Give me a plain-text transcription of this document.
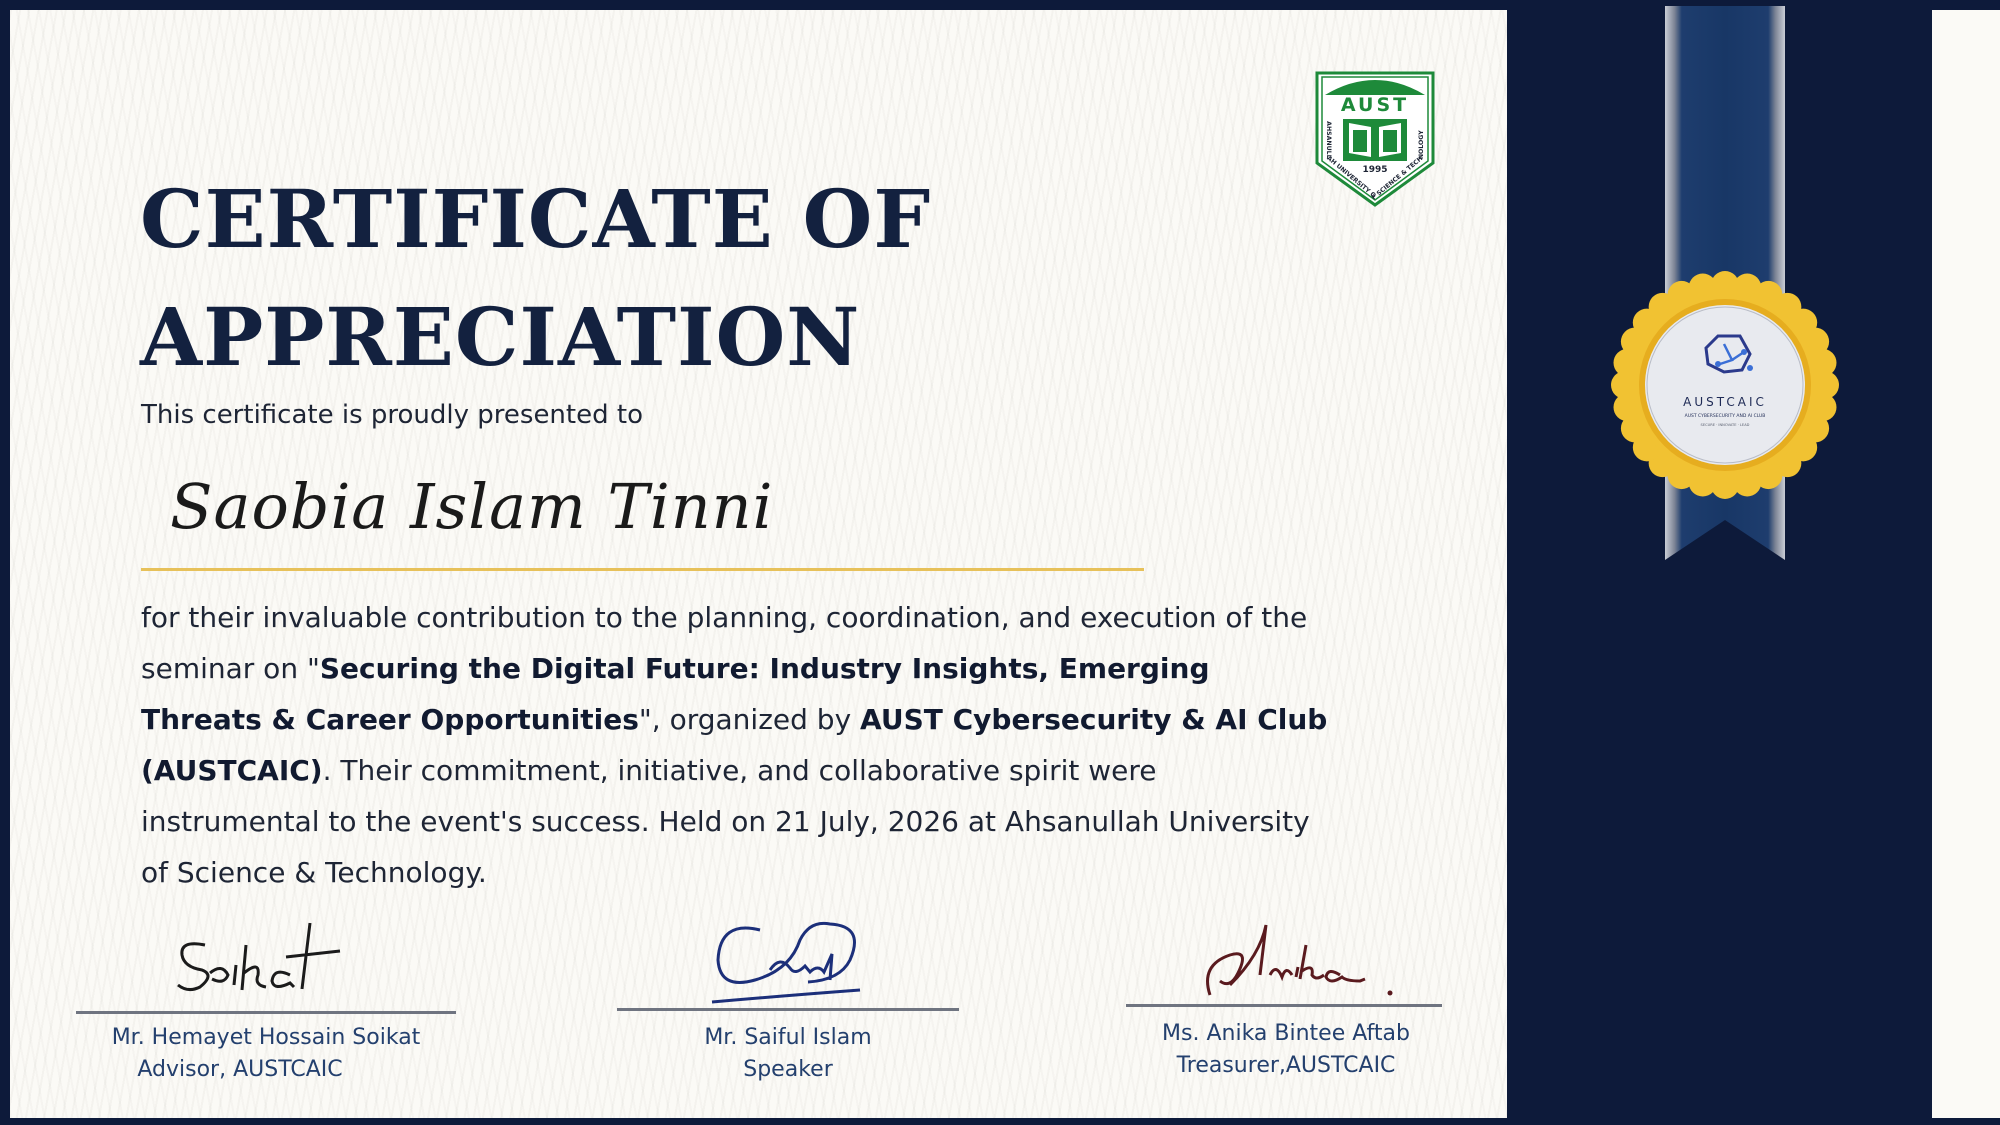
CERTIFICATE OF
APPRECIATION
This certificate is proudly presented to
Saobia Islam Tinni
for their invaluable contribution to the planning, coordination, and execution of the seminar on "Securing the Digital Future: Industry Insights, Emerging Threats & Career Opportunities", organized by AUST Cybersecurity & AI Club (AUSTCAIC). Their commitment, initiative, and collaborative spirit were instrumental to the event's success. Held on 21 July, 2026 at Ahsanullah University of Science & Technology.
AUST
1995
AHSANULLAH UNIVERSITY OF SCIENCE & TECHNOLOGY
Mr. Hemayet Hossain Soikat
Advisor, AUSTCAIC
Mr. Saiful Islam
Speaker
Ms. Anika Bintee Aftab
Treasurer,AUSTCAIC
AUSTCAIC
AUST CYBERSECURITY AND AI CLUB
SECURE · INNOVATE · LEAD
